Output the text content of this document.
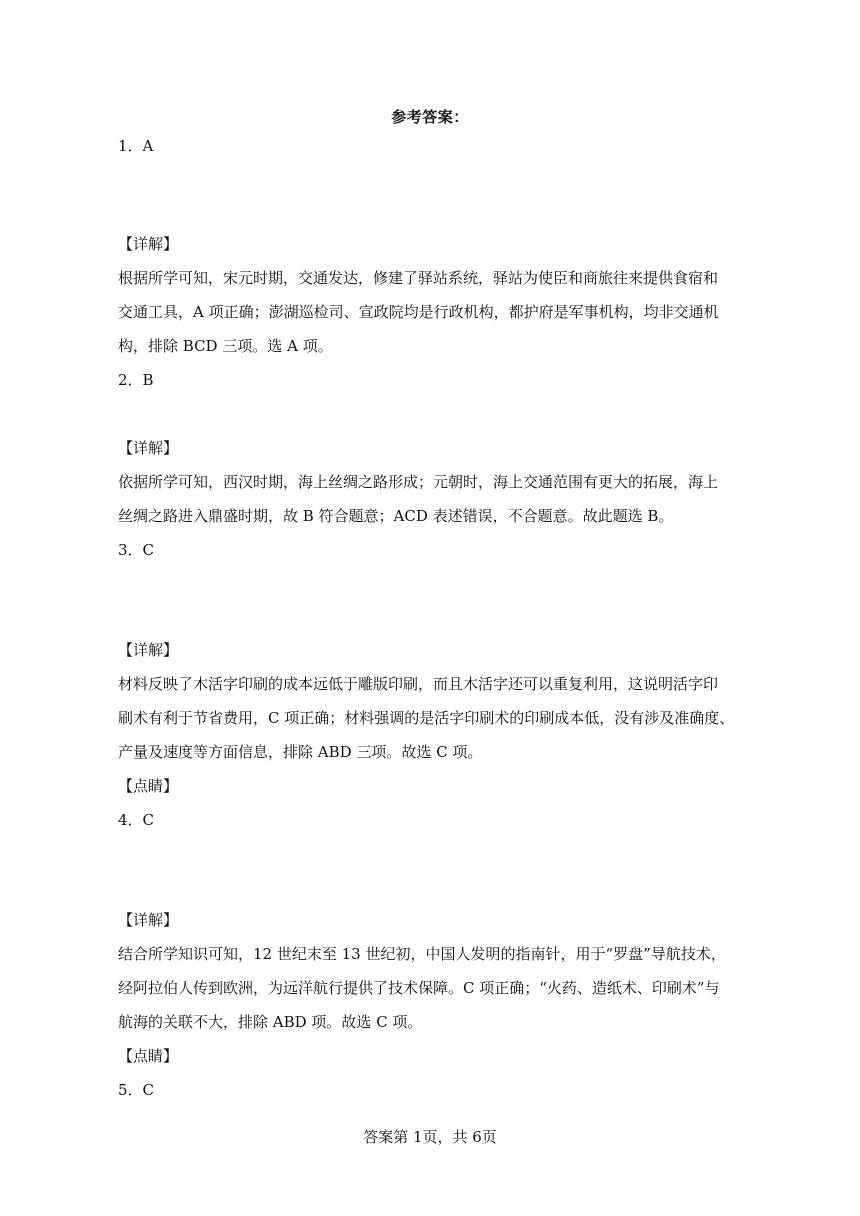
参考答案：
1．A
【详解】
根据所学可知，宋元时期，交通发达，修建了驿站系统，驿站为使臣和商旅往来提供食宿和
交通工具，A 项正确；澎湖巡检司、宣政院均是行政机构，都护府是军事机构，均非交通机
构，排除 BCD 三项。选 A 项。
2．B
【详解】
依据所学可知，西汉时期，海上丝绸之路形成；元朝时，海上交通范围有更大的拓展，海上
丝绸之路进入鼎盛时期，故 B 符合题意；ACD 表述错误，不合题意。故此题选 B。
3．C
【详解】
材料反映了木活字印刷的成本远低于雕版印刷，而且木活字还可以重复利用，这说明活字印
刷术有利于节省费用，C 项正确；材料强调的是活字印刷术的印刷成本低，没有涉及准确度、
产量及速度等方面信息，排除 ABD 三项。故选 C 项。
【点睛】
4．C
【详解】
结合所学知识可知，12 世纪末至 13 世纪初，中国人发明的指南针，用于“罗盘”导航技术，
经阿拉伯人传到欧洲，为远洋航行提供了技术保障。C 项正确；“火药、造纸术、印刷术”与
航海的关联不大，排除 ABD 项。故选 C 项。
【点睛】
5．C
答案第 1页，共 6页
